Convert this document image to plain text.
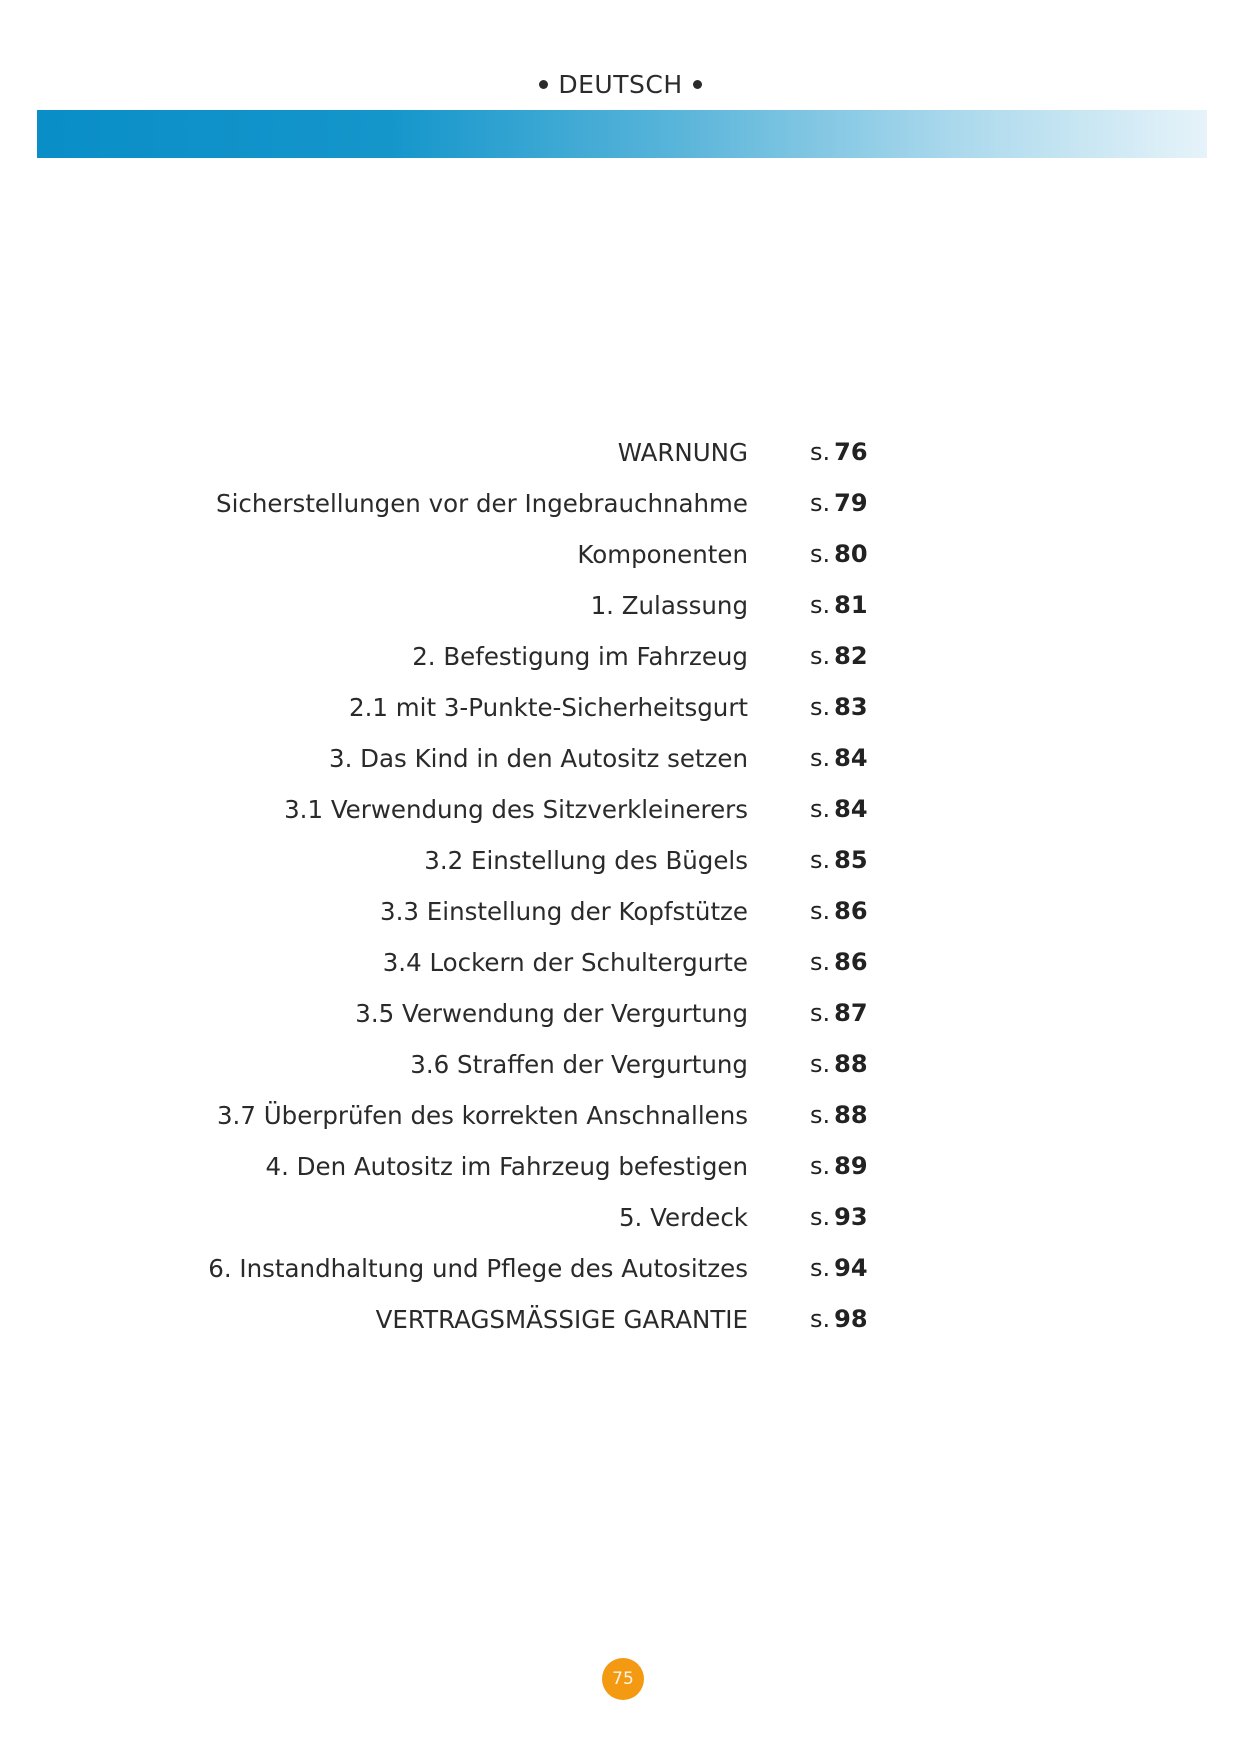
DEUTSCH
WARNUNG	s. 76
Sicherstellungen vor der Ingebrauchnahme	s. 79
Komponenten	s. 80
1. Zulassung	s. 81
2. Befestigung im Fahrzeug	s. 82
2.1 mit 3-Punkte-Sicherheitsgurt	s. 83
3. Das Kind in den Autositz setzen	s. 84
3.1 Verwendung des Sitzverkleinerers	s. 84
3.2 Einstellung des Bügels	s. 85
3.3 Einstellung der Kopfstütze	s. 86
3.4 Lockern der Schultergurte	s. 86
3.5 Verwendung der Vergurtung	s. 87
3.6 Straffen der Vergurtung	s. 88
3.7 Überprüfen des korrekten Anschnallens	s. 88
4. Den Autositz im Fahrzeug befestigen	s. 89
5. Verdeck	s. 93
6. Instandhaltung und Pflege des Autositzes	s. 94
VERTRAGSMÄSSIGE GARANTIE	s. 98
75
